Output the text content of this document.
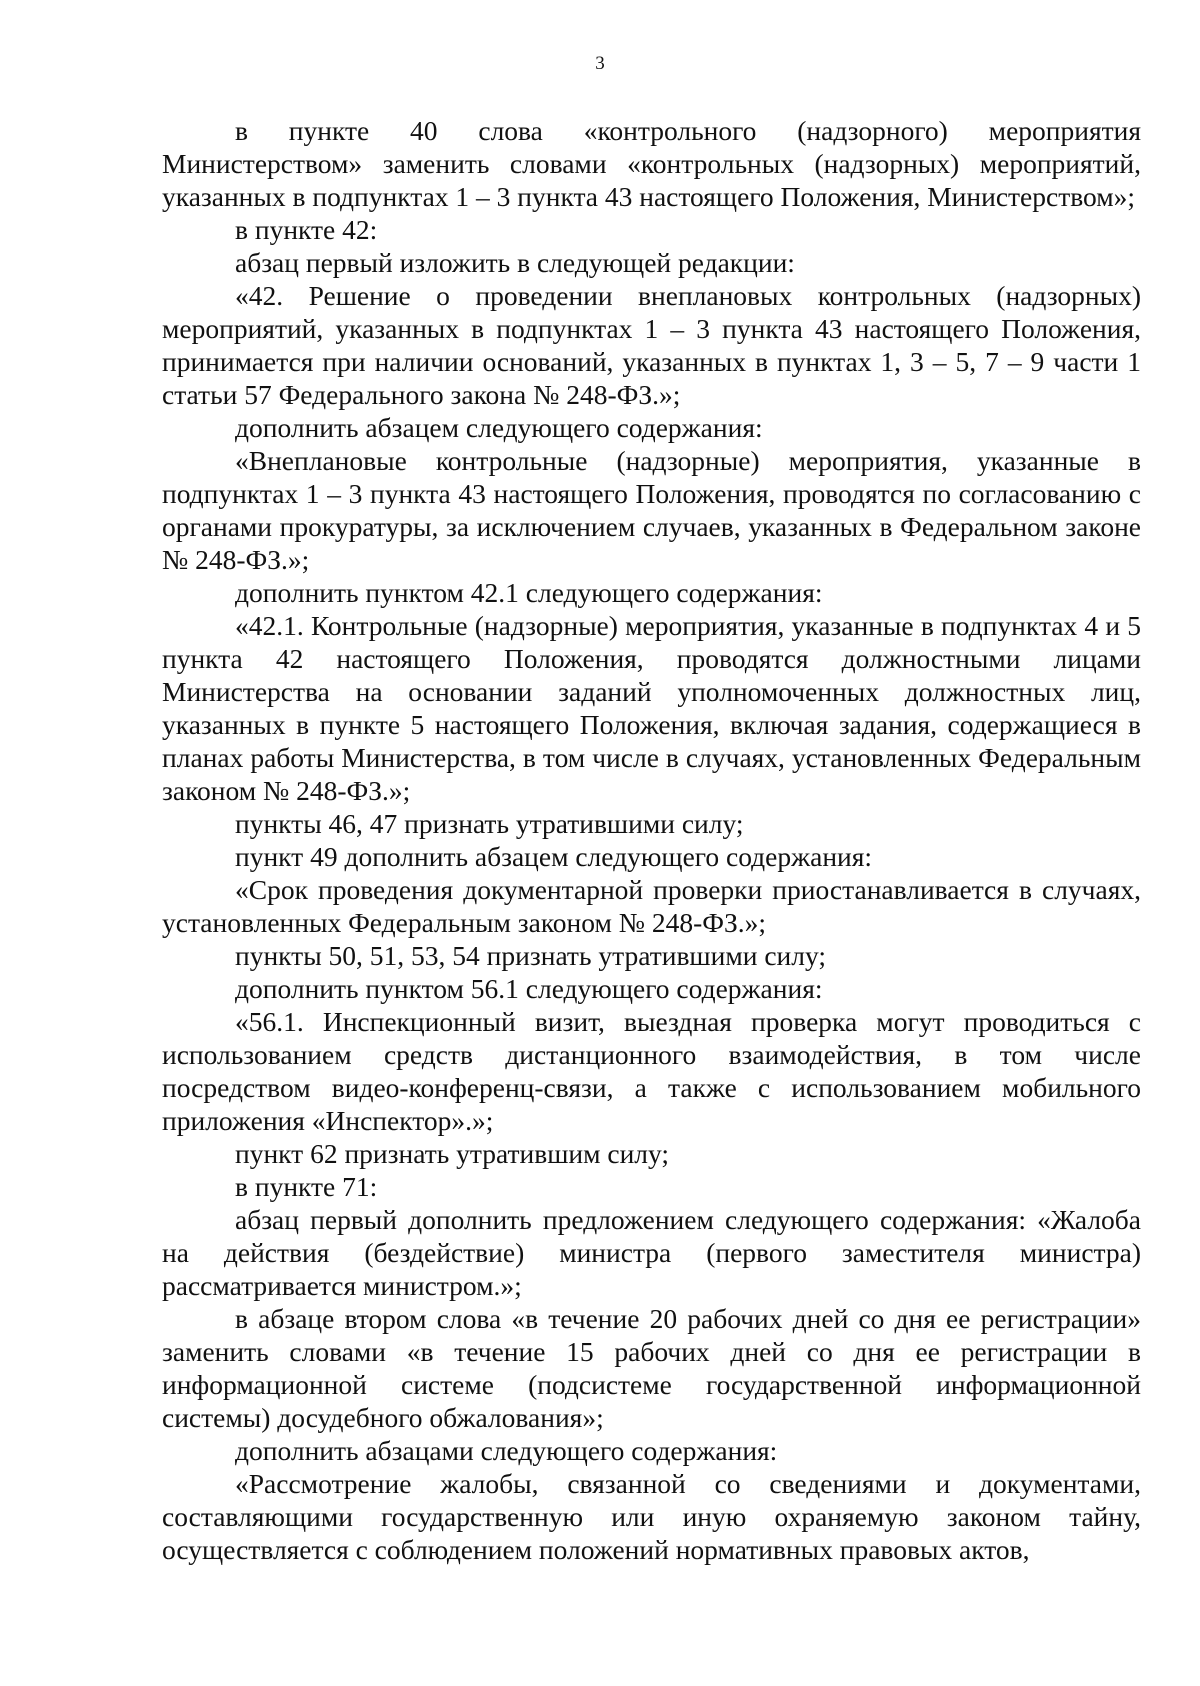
3

в пункте 40 слова «контрольного (надзорного) мероприятия Министерством» заменить словами «контрольных (надзорных) мероприятий, указанных в подпунктах 1 – 3 пункта 43 настоящего Положения, Министерством»;

в пункте 42:

абзац первый изложить в следующей редакции:

«42. Решение о проведении внеплановых контрольных (надзорных) мероприятий, указанных в подпунктах 1 – 3 пункта 43 настоящего Положения, принимается при наличии оснований, указанных в пунктах 1, 3 – 5, 7 – 9 части 1 статьи 57 Федерального закона № 248-ФЗ.»;

дополнить абзацем следующего содержания:

«Внеплановые контрольные (надзорные) мероприятия, указанные в подпунктах 1 – 3 пункта 43 настоящего Положения, проводятся по согласованию с органами прокуратуры, за исключением случаев, указанных в Федеральном законе № 248-ФЗ.»;

дополнить пунктом 42.1 следующего содержания:

«42.1. Контрольные (надзорные) мероприятия, указанные в подпунктах 4 и 5 пункта 42 настоящего Положения, проводятся должностными лицами Министерства на основании заданий уполномоченных должностных лиц, указанных в пункте 5 настоящего Положения, включая задания, содержащиеся в планах работы Министерства, в том числе в случаях, установленных Федеральным законом № 248-ФЗ.»;

пункты 46, 47 признать утратившими силу;

пункт 49 дополнить абзацем следующего содержания:

«Срок проведения документарной проверки приостанавливается в случаях, установленных Федеральным законом № 248-ФЗ.»;

пункты 50, 51, 53, 54 признать утратившими силу;

дополнить пунктом 56.1 следующего содержания:

«56.1. Инспекционный визит, выездная проверка могут проводиться с использованием средств дистанционного взаимодействия, в том числе посредством видео-конференц-связи, а также с использованием мобильного приложения «Инспектор».»;

пункт 62 признать утратившим силу;

в пункте 71:

абзац первый дополнить предложением следующего содержания: «Жалоба на действия (бездействие) министра (первого заместителя министра) рассматривается министром.»;

в абзаце втором слова «в течение 20 рабочих дней со дня ее регистрации» заменить словами «в течение 15 рабочих дней со дня ее регистрации в информационной системе (подсистеме государственной информационной системы) досудебного обжалования»;

дополнить абзацами следующего содержания:

«Рассмотрение жалобы, связанной со сведениями и документами, составляющими государственную или иную охраняемую законом тайну, осуществляется с соблюдением положений нормативных правовых актов,
